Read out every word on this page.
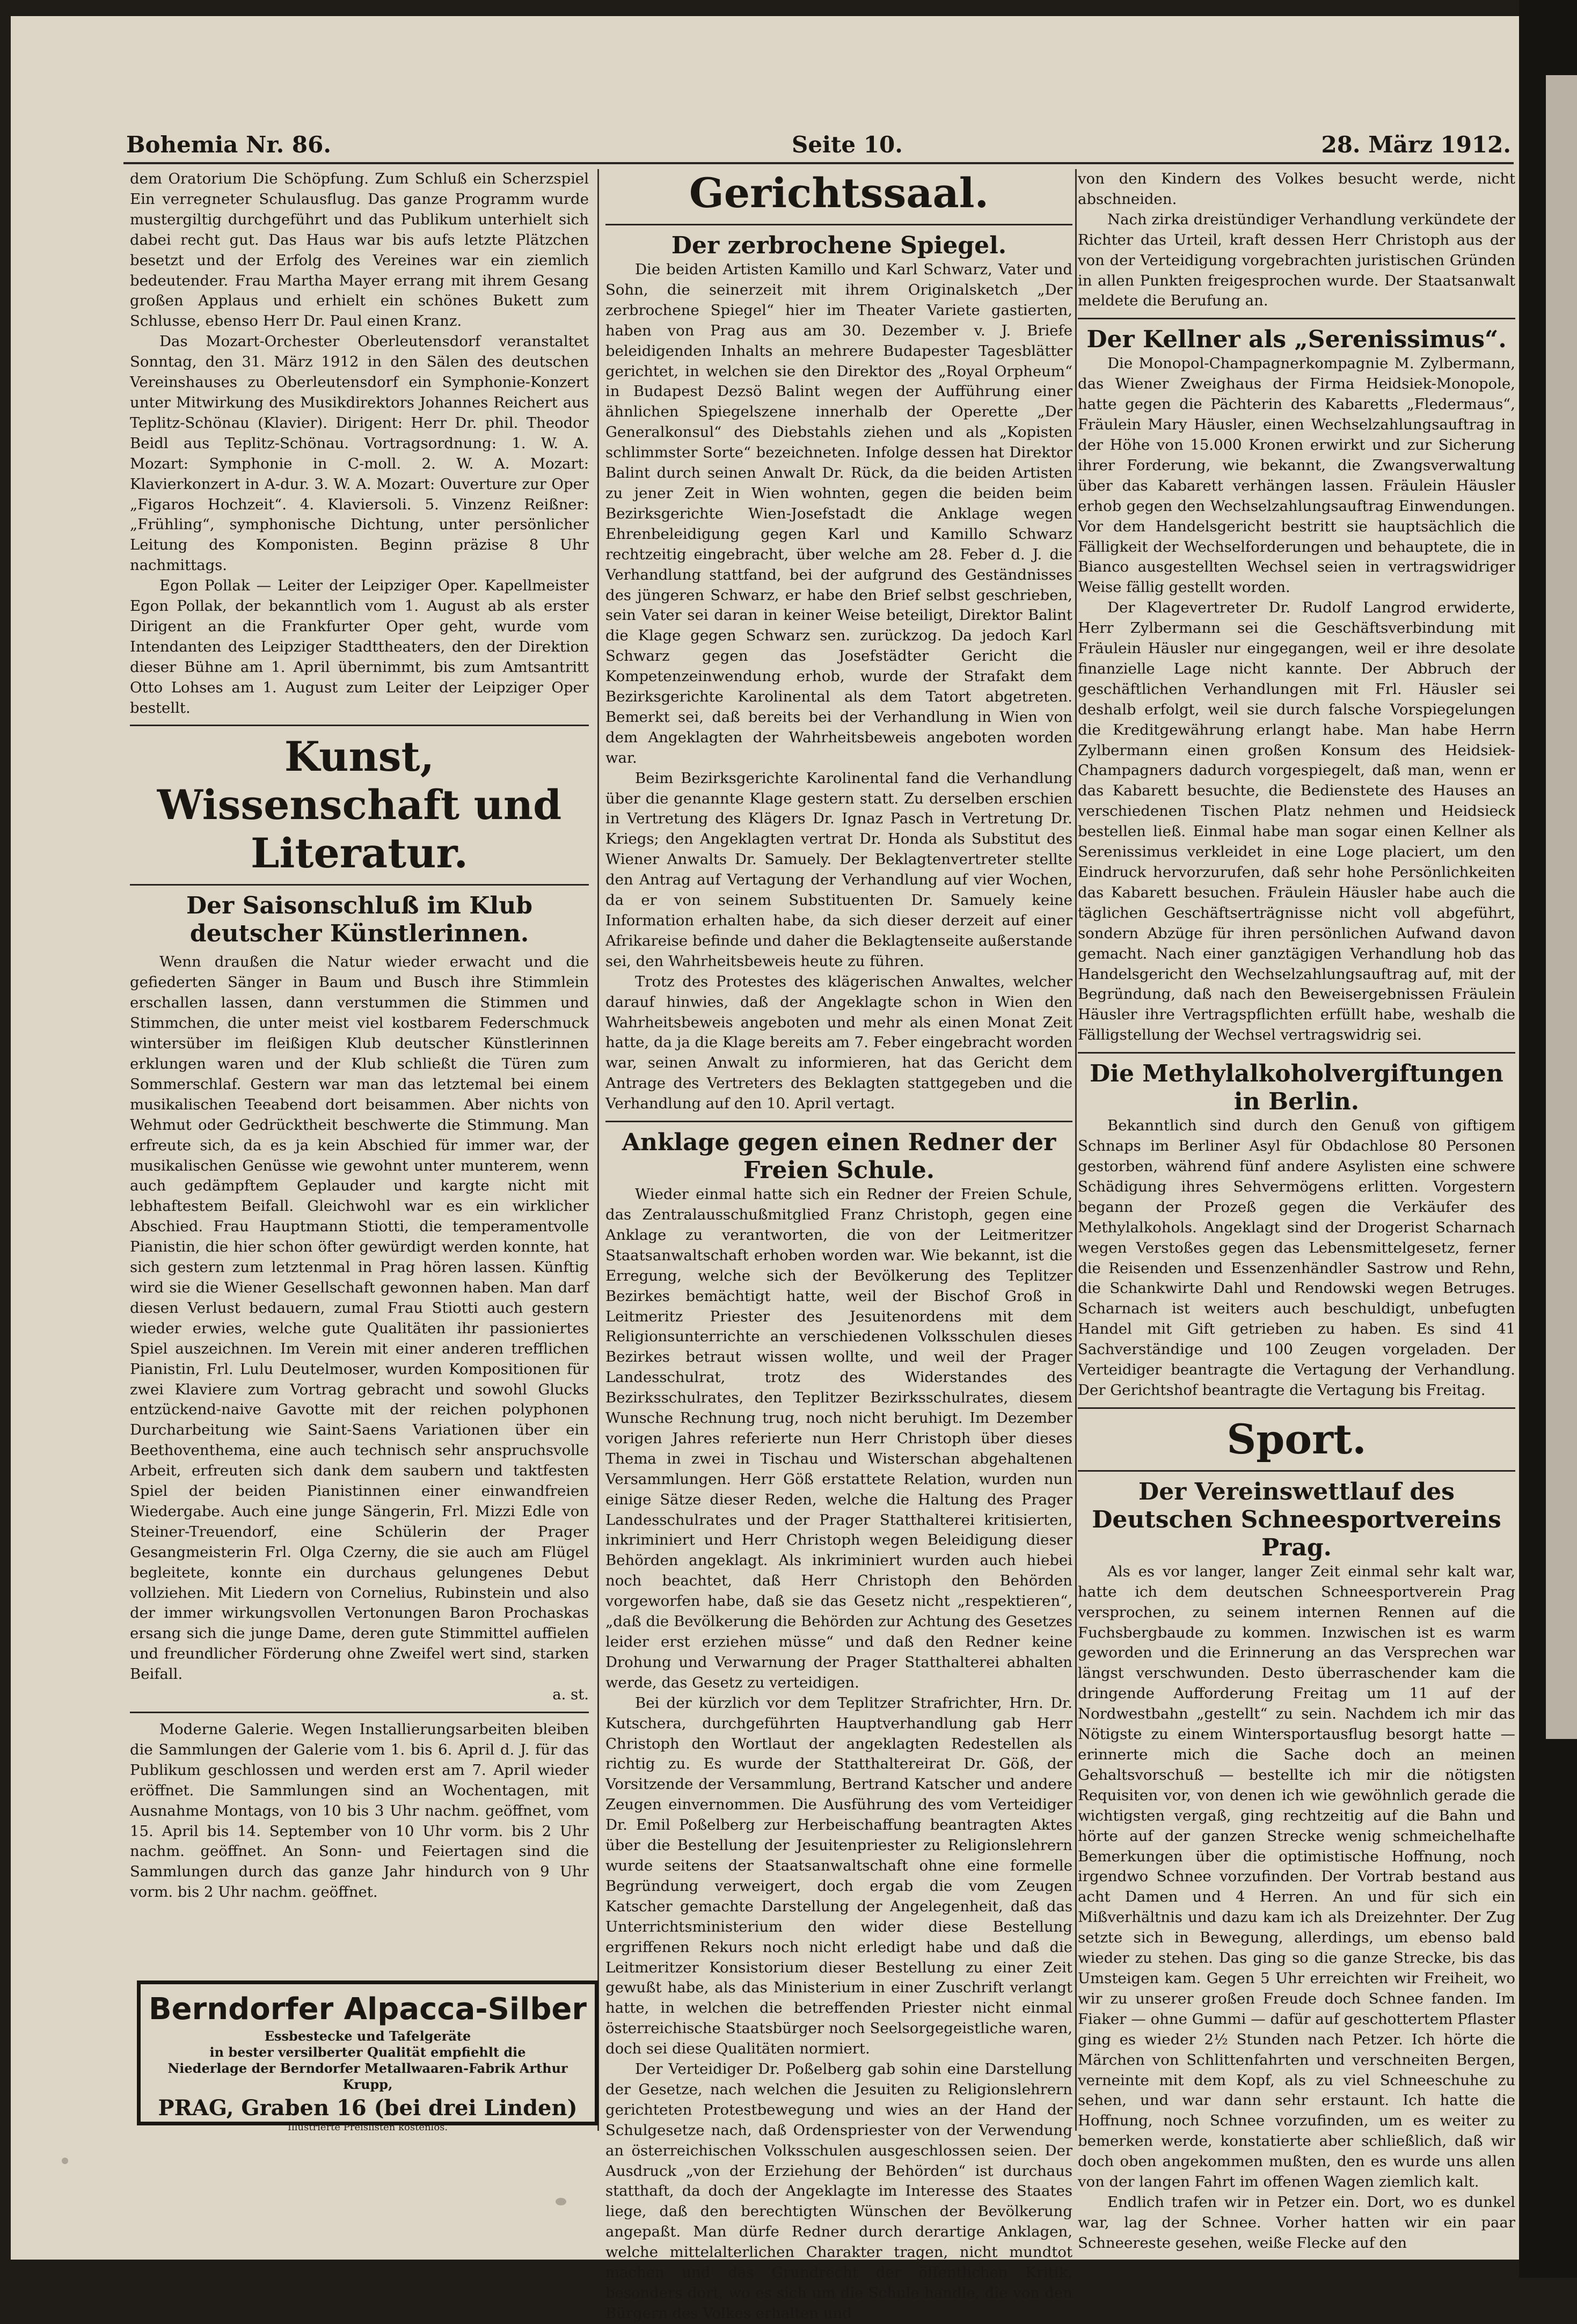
Bohemia Nr. 86.	Seite 10.	28. März 1912.

dem Oratorium Die Schöpfung. Zum Schluß ein Scherzspiel Ein verregneter Schulausflug. Das ganze Programm wurde mustergiltig durchgeführt und das Publikum unterhielt sich dabei recht gut. Das Haus war bis aufs letzte Plätzchen besetzt und der Erfolg des Vereines war ein ziemlich bedeutender. Frau Martha Mayer errang mit ihrem Gesang großen Applaus und erhielt ein schönes Bukett zum Schlusse, ebenso Herr Dr. Paul einen Kranz.

Das Mozart-Orchester Oberleutensdorf veranstaltet Sonntag, den 31. März 1912 in den Sälen des deutschen Vereinshauses zu Oberleutensdorf ein Symphonie-Konzert unter Mitwirkung des Musikdirektors Johannes Reichert aus Teplitz-Schönau (Klavier). Dirigent: Herr Dr. phil. Theodor Beidl aus Teplitz-Schönau. Vortragsordnung: 1. W. A. Mozart: Symphonie in C-moll. 2. W. A. Mozart: Klavierkonzert in A-dur. 3. W. A. Mozart: Ouverture zur Oper „Figaros Hochzeit“. 4. Klaviersoli. 5. Vinzenz Reißner: „Frühling“, symphonische Dichtung, unter persönlicher Leitung des Komponisten. Beginn präzise 8 Uhr nachmittags.

Egon Pollak — Leiter der Leipziger Oper. Kapellmeister Egon Pollak, der bekanntlich vom 1. August ab als erster Dirigent an die Frankfurter Oper geht, wurde vom Intendanten des Leipziger Stadttheaters, den der Direktion dieser Bühne am 1. April übernimmt, bis zum Amtsantritt Otto Lohses am 1. August zum Leiter der Leipziger Oper bestellt.

Kunst, Wissenschaft und Literatur.

Der Saisonschluß im Klub deutscher Künstlerinnen.

Wenn draußen die Natur wieder erwacht und die gefiederten Sänger in Baum und Busch ihre Stimmlein erschallen lassen, dann verstummen die Stimmen und Stimmchen, die unter meist viel kostbarem Federschmuck wintersüber im fleißigen Klub deutscher Künstlerinnen erklungen waren und der Klub schließt die Türen zum Sommerschlaf. Gestern war man das letztemal bei einem musikalischen Teeabend dort beisammen. Aber nichts von Wehmut oder Gedrücktheit beschwerte die Stimmung. Man erfreute sich, da es ja kein Abschied für immer war, der musikalischen Genüsse wie gewohnt unter munterem, wenn auch gedämpftem Geplauder und kargte nicht mit lebhaftestem Beifall. Gleichwohl war es ein wirklicher Abschied. Frau Hauptmann Stiotti, die temperamentvolle Pianistin, die hier schon öfter gewürdigt werden konnte, hat sich gestern zum letztenmal in Prag hören lassen. Künftig wird sie die Wiener Gesellschaft gewonnen haben. Man darf diesen Verlust bedauern, zumal Frau Stiotti auch gestern wieder erwies, welche gute Qualitäten ihr passioniertes Spiel auszeichnen. Im Verein mit einer anderen trefflichen Pianistin, Frl. Lulu Deutelmoser, wurden Kompositionen für zwei Klaviere zum Vortrag gebracht und sowohl Glucks entzückend-naive Gavotte mit der reichen polyphonen Durcharbeitung wie Saint-Saens Variationen über ein Beethoventhema, eine auch technisch sehr anspruchsvolle Arbeit, erfreuten sich dank dem saubern und taktfesten Spiel der beiden Pianistinnen einer einwandfreien Wiedergabe. Auch eine junge Sängerin, Frl. Mizzi Edle von Steiner-Treuendorf, eine Schülerin der Prager Gesangmeisterin Frl. Olga Czerny, die sie auch am Flügel begleitete, konnte ein durchaus gelungenes Debut vollziehen. Mit Liedern von Cornelius, Rubinstein und also der immer wirkungsvollen Vertonungen Baron Prochaskas ersang sich die junge Dame, deren gute Stimmittel auffielen und freundlicher Förderung ohne Zweifel wert sind, starken Beifall.

a. st.

Moderne Galerie. Wegen Installierungsarbeiten bleiben die Sammlungen der Galerie vom 1. bis 6. April d. J. für das Publikum geschlossen und werden erst am 7. April wieder eröffnet. Die Sammlungen sind an Wochentagen, mit Ausnahme Montags, von 10 bis 3 Uhr nachm. geöffnet, vom 15. April bis 14. September von 10 Uhr vorm. bis 2 Uhr nachm. geöffnet. An Sonn- und Feiertagen sind die Sammlungen durch das ganze Jahr hindurch von 9 Uhr vorm. bis 2 Uhr nachm. geöffnet.

Berndorfer Alpacca-Silber
Essbestecke und Tafelgeräte
in bester versilberter Qualität empfiehlt die
Niederlage der Berndorfer Metallwaaren-Fabrik Arthur Krupp,
PRAG, Graben 16 (bei drei Linden)
Illustrierte Preislisten kostenlos.

Gerichtssaal.

Der zerbrochene Spiegel.

Die beiden Artisten Kamillo und Karl Schwarz, Vater und Sohn, die seinerzeit mit ihrem Originalsketch „Der zerbrochene Spiegel“ hier im Theater Variete gastierten, haben von Prag aus am 30. Dezember v. J. Briefe beleidigenden Inhalts an mehrere Budapester Tagesblätter gerichtet, in welchen sie den Direktor des „Royal Orpheum“ in Budapest Dezsö Balint wegen der Aufführung einer ähnlichen Spiegelszene innerhalb der Operette „Der Generalkonsul“ des Diebstahls ziehen und als „Kopisten schlimmster Sorte“ bezeichneten. Infolge dessen hat Direktor Balint durch seinen Anwalt Dr. Rück, da die beiden Artisten zu jener Zeit in Wien wohnten, gegen die beiden beim Bezirksgerichte Wien-Josefstadt die Anklage wegen Ehrenbeleidigung gegen Karl und Kamillo Schwarz rechtzeitig eingebracht, über welche am 28. Feber d. J. die Verhandlung stattfand, bei der aufgrund des Geständnisses des jüngeren Schwarz, er habe den Brief selbst geschrieben, sein Vater sei daran in keiner Weise beteiligt, Direktor Balint die Klage gegen Schwarz sen. zurückzog. Da jedoch Karl Schwarz gegen das Josefstädter Gericht die Kompetenzeinwendung erhob, wurde der Strafakt dem Bezirksgerichte Karolinental als dem Tatort abgetreten. Bemerkt sei, daß bereits bei der Verhandlung in Wien von dem Angeklagten der Wahrheitsbeweis angeboten worden war.

Beim Bezirksgerichte Karolinental fand die Verhandlung über die genannte Klage gestern statt. Zu derselben erschien in Vertretung des Klägers Dr. Ignaz Pasch in Vertretung Dr. Kriegs; den Angeklagten vertrat Dr. Honda als Substitut des Wiener Anwalts Dr. Samuely. Der Beklagtenvertreter stellte den Antrag auf Vertagung der Verhandlung auf vier Wochen, da er von seinem Substituenten Dr. Samuely keine Information erhalten habe, da sich dieser derzeit auf einer Afrikareise befinde und daher die Beklagtenseite außerstande sei, den Wahrheitsbeweis heute zu führen.

Trotz des Protestes des klägerischen Anwaltes, welcher darauf hinwies, daß der Angeklagte schon in Wien den Wahrheitsbeweis angeboten und mehr als einen Monat Zeit hatte, da ja die Klage bereits am 7. Feber eingebracht worden war, seinen Anwalt zu informieren, hat das Gericht dem Antrage des Vertreters des Beklagten stattgegeben und die Verhandlung auf den 10. April vertagt.

Anklage gegen einen Redner der Freien Schule.

Wieder einmal hatte sich ein Redner der Freien Schule, das Zentralausschußmitglied Franz Christoph, gegen eine Anklage zu verantworten, die von der Leitmeritzer Staatsanwaltschaft erhoben worden war. Wie bekannt, ist die Erregung, welche sich der Bevölkerung des Teplitzer Bezirkes bemächtigt hatte, weil der Bischof Groß in Leitmeritz Priester des Jesuitenordens mit dem Religionsunterrichte an verschiedenen Volksschulen dieses Bezirkes betraut wissen wollte, und weil der Prager Landesschulrat, trotz des Widerstandes des Bezirksschulrates, den Teplitzer Bezirksschulrates, diesem Wunsche Rechnung trug, noch nicht beruhigt. Im Dezember vorigen Jahres referierte nun Herr Christoph über dieses Thema in zwei in Tischau und Wisterschan abgehaltenen Versammlungen. Herr Göß erstattete Relation, wurden nun einige Sätze dieser Reden, welche die Haltung des Prager Landesschulrates und der Prager Statthalterei kritisierten, inkriminiert und Herr Christoph wegen Beleidigung dieser Behörden angeklagt. Als inkriminiert wurden auch hiebei noch beachtet, daß Herr Christoph den Behörden vorgeworfen habe, daß sie das Gesetz nicht „respektieren“, „daß die Bevölkerung die Behörden zur Achtung des Gesetzes leider erst erziehen müsse“ und daß den Redner keine Drohung und Verwarnung der Prager Statthalterei abhalten werde, das Gesetz zu verteidigen.

Bei der kürzlich vor dem Teplitzer Strafrichter, Hrn. Dr. Kutschera, durchgeführten Hauptverhandlung gab Herr Christoph den Wortlaut der angeklagten Redestellen als richtig zu. Es wurde der Statthaltereirat Dr. Göß, der Vorsitzende der Versammlung, Bertrand Katscher und andere Zeugen einvernommen. Die Ausführung des vom Verteidiger Dr. Emil Poßelberg zur Herbeischaffung beantragten Aktes über die Bestellung der Jesuitenpriester zu Religionslehrern wurde seitens der Staatsanwaltschaft ohne eine formelle Begründung verweigert, doch ergab die vom Zeugen Katscher gemachte Darstellung der Angelegenheit, daß das Unterrichtsministerium den wider diese Bestellung ergriffenen Rekurs noch nicht erledigt habe und daß die Leitmeritzer Konsistorium dieser Bestellung zu einer Zeit gewußt habe, als das Ministerium in einer Zuschrift verlangt hatte, in welchen die betreffenden Priester nicht einmal österreichische Staatsbürger noch Seelsorgegeistliche waren, doch sei diese Qualitäten normiert.

Der Verteidiger Dr. Poßelberg gab sohin eine Darstellung der Gesetze, nach welchen die Jesuiten zu Religionslehrern gerichteten Protestbewegung und wies an der Hand der Schulgesetze nach, daß Ordenspriester von der Verwendung an österreichischen Volksschulen ausgeschlossen seien. Der Ausdruck „von der Erziehung der Behörden“ ist durchaus statthaft, da doch der Angeklagte im Interesse des Staates liege, daß den berechtigten Wünschen der Bevölkerung angepaßt. Man dürfe Redner durch derartige Anklagen, welche mittelalterlichen Charakter tragen, nicht mundtot machen und das Grundrecht der öffentlichen Kritik, besonders dort, wo es sich um die Schule handle, die von den Bürgern des Volkes erhalten und

von den Kindern des Volkes besucht werde, nicht abschneiden.

Nach zirka dreistündiger Verhandlung verkündete der Richter das Urteil, kraft dessen Herr Christoph aus der von der Verteidigung vorgebrachten juristischen Gründen in allen Punkten freigesprochen wurde. Der Staatsanwalt meldete die Berufung an.

Der Kellner als „Serenissimus“.

Die Monopol-Champagnerkompagnie M. Zylbermann, das Wiener Zweighaus der Firma Heidsiek-Monopole, hatte gegen die Pächterin des Kabaretts „Fledermaus“, Fräulein Mary Häusler, einen Wechselzahlungsauftrag in der Höhe von 15.000 Kronen erwirkt und zur Sicherung ihrer Forderung, wie bekannt, die Zwangsverwaltung über das Kabarett verhängen lassen. Fräulein Häusler erhob gegen den Wechselzahlungsauftrag Einwendungen. Vor dem Handelsgericht bestritt sie hauptsächlich die Fälligkeit der Wechselforderungen und behauptete, die in Bianco ausgestellten Wechsel seien in vertragswidriger Weise fällig gestellt worden.

Der Klagevertreter Dr. Rudolf Langrod erwiderte, Herr Zylbermann sei die Geschäftsverbindung mit Fräulein Häusler nur eingegangen, weil er ihre desolate finanzielle Lage nicht kannte. Der Abbruch der geschäftlichen Verhandlungen mit Frl. Häusler sei deshalb erfolgt, weil sie durch falsche Vorspiegelungen die Kreditgewährung erlangt habe. Man habe Herrn Zylbermann einen großen Konsum des Heidsiek-Champagners dadurch vorgespiegelt, daß man, wenn er das Kabarett besuchte, die Bedienstete des Hauses an verschiedenen Tischen Platz nehmen und Heidsieck bestellen ließ. Einmal habe man sogar einen Kellner als Serenissimus verkleidet in eine Loge placiert, um den Eindruck hervorzurufen, daß sehr hohe Persönlichkeiten das Kabarett besuchen. Fräulein Häusler habe auch die täglichen Geschäftserträgnisse nicht voll abgeführt, sondern Abzüge für ihren persönlichen Aufwand davon gemacht. Nach einer ganztägigen Verhandlung hob das Handelsgericht den Wechselzahlungsauftrag auf, mit der Begründung, daß nach den Beweisergebnissen Fräulein Häusler ihre Vertragspflichten erfüllt habe, weshalb die Fälligstellung der Wechsel vertragswidrig sei.

Die Methylalkoholvergiftungen in Berlin.

Bekanntlich sind durch den Genuß von giftigem Schnaps im Berliner Asyl für Obdachlose 80 Personen gestorben, während fünf andere Asylisten eine schwere Schädigung ihres Sehvermögens erlitten. Vorgestern begann der Prozeß gegen die Verkäufer des Methylalkohols. Angeklagt sind der Drogerist Scharnach wegen Verstoßes gegen das Lebensmittelgesetz, ferner die Reisenden und Essenzenhändler Sastrow und Rehn, die Schankwirte Dahl und Rendowski wegen Betruges. Scharnach ist weiters auch beschuldigt, unbefugten Handel mit Gift getrieben zu haben. Es sind 41 Sachverständige und 100 Zeugen vorgeladen. Der Verteidiger beantragte die Vertagung der Verhandlung. Der Gerichtshof beantragte die Vertagung bis Freitag.

Sport.

Der Vereinswettlauf des Deutschen Schneesportvereins Prag.

Als es vor langer, langer Zeit einmal sehr kalt war, hatte ich dem deutschen Schneesportverein Prag versprochen, zu seinem internen Rennen auf die Fuchsbergbaude zu kommen. Inzwischen ist es warm geworden und die Erinnerung an das Versprechen war längst verschwunden. Desto überraschender kam die dringende Aufforderung Freitag um 11 auf der Nordwestbahn „gestellt“ zu sein. Nachdem ich mir das Nötigste zu einem Wintersportausflug besorgt hatte — erinnerte mich die Sache doch an meinen Gehaltsvorschuß — bestellte ich mir die nötigsten Requisiten vor, von denen ich wie gewöhnlich gerade die wichtigsten vergaß, ging rechtzeitig auf die Bahn und hörte auf der ganzen Strecke wenig schmeichelhafte Bemerkungen über die optimistische Hoffnung, noch irgendwo Schnee vorzufinden. Der Vortrab bestand aus acht Damen und 4 Herren. An und für sich ein Mißverhältnis und dazu kam ich als Dreizehnter. Der Zug setzte sich in Bewegung, allerdings, um ebenso bald wieder zu stehen. Das ging so die ganze Strecke, bis das Umsteigen kam. Gegen 5 Uhr erreichten wir Freiheit, wo wir zu unserer großen Freude doch Schnee fanden. Im Fiaker — ohne Gummi — dafür auf geschottertem Pflaster ging es wieder 2½ Stunden nach Petzer. Ich hörte die Märchen von Schlittenfahrten und verschneiten Bergen, verneinte mit dem Kopf, als zu viel Schneeschuhe zu sehen, und war dann sehr erstaunt. Ich hatte die Hoffnung, noch Schnee vorzufinden, um es weiter zu bemerken werde, konstatierte aber schließlich, daß wir doch oben angekommen mußten, den es wurde uns allen von der langen Fahrt im offenen Wagen ziemlich kalt.

Endlich trafen wir in Petzer ein. Dort, wo es dunkel war, lag der Schnee. Vorher hatten wir ein paar Schneereste gesehen, weiße Flecke auf den
